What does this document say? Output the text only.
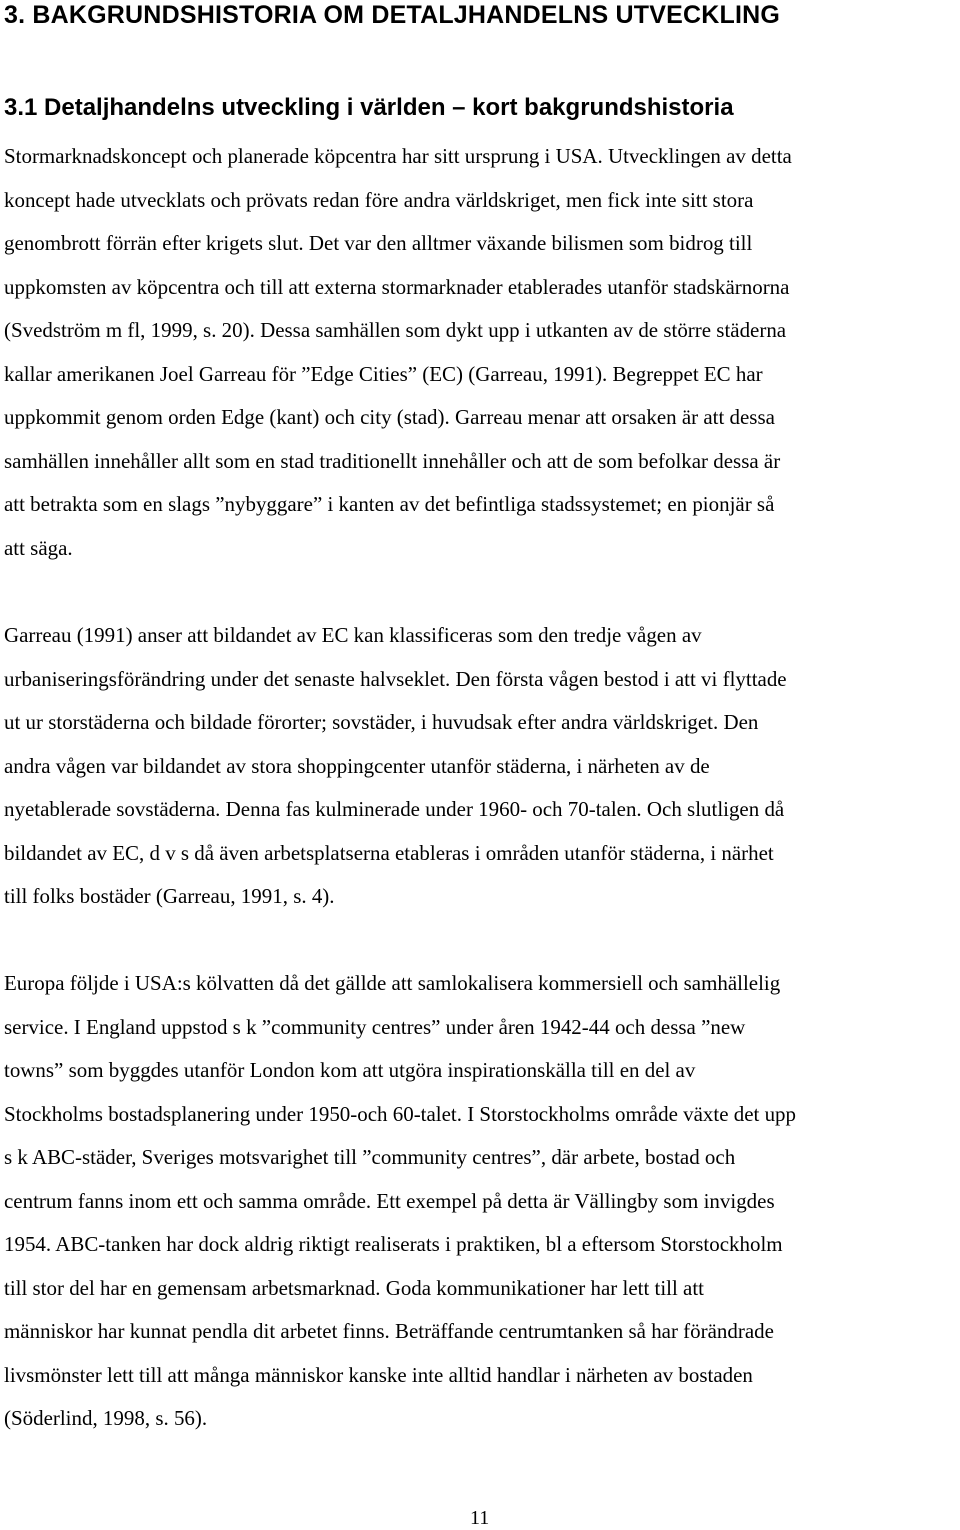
3. BAKGRUNDSHISTORIA OM DETALJHANDELNS UTVECKLING
3.1 Detaljhandelns utveckling i världen – kort bakgrundshistoria
Stormarknadskoncept och planerade köpcentra har sitt ursprung i USA. Utvecklingen av detta
koncept hade utvecklats och prövats redan före andra världskriget, men fick inte sitt stora
genombrott förrän efter krigets slut. Det var den alltmer växande bilismen som bidrog till
uppkomsten av köpcentra och till att externa stormarknader etablerades utanför stadskärnorna
(Svedström m fl, 1999, s. 20). Dessa samhällen som dykt upp i utkanten av de större städerna
kallar amerikanen Joel Garreau för ”Edge Cities” (EC) (Garreau, 1991). Begreppet EC har
uppkommit genom orden Edge (kant) och city (stad). Garreau menar att orsaken är att dessa
samhällen innehåller allt som en stad traditionellt innehåller och att de som befolkar dessa är
att betrakta som en slags ”nybyggare” i kanten av det befintliga stadssystemet; en pionjär så
att säga.
Garreau (1991) anser att bildandet av EC kan klassificeras som den tredje vågen av
urbaniseringsförändring under det senaste halvseklet. Den första vågen bestod i att vi flyttade
ut ur storstäderna och bildade förorter; sovstäder, i huvudsak efter andra världskriget. Den
andra vågen var bildandet av stora shoppingcenter utanför städerna, i närheten av de
nyetablerade sovstäderna. Denna fas kulminerade under 1960- och 70-talen. Och slutligen då
bildandet av EC, d v s då även arbetsplatserna etableras i områden utanför städerna, i närhet
till folks bostäder (Garreau, 1991, s. 4).
Europa följde i USA:s kölvatten då det gällde att samlokalisera kommersiell och samhällelig
service. I England uppstod s k ”community centres” under åren 1942-44 och dessa ”new
towns” som byggdes utanför London kom att utgöra inspirationskälla till en del av
Stockholms bostadsplanering under 1950-och 60-talet. I Storstockholms område växte det upp
s k ABC-städer, Sveriges motsvarighet till ”community centres”, där arbete, bostad och
centrum fanns inom ett och samma område. Ett exempel på detta är Vällingby som invigdes
1954. ABC-tanken har dock aldrig riktigt realiserats i praktiken, bl a eftersom Storstockholm
till stor del har en gemensam arbetsmarknad. Goda kommunikationer har lett till att
människor har kunnat pendla dit arbetet finns. Beträffande centrumtanken så har förändrade
livsmönster lett till att många människor kanske inte alltid handlar i närheten av bostaden
(Söderlind, 1998, s. 56).
11
